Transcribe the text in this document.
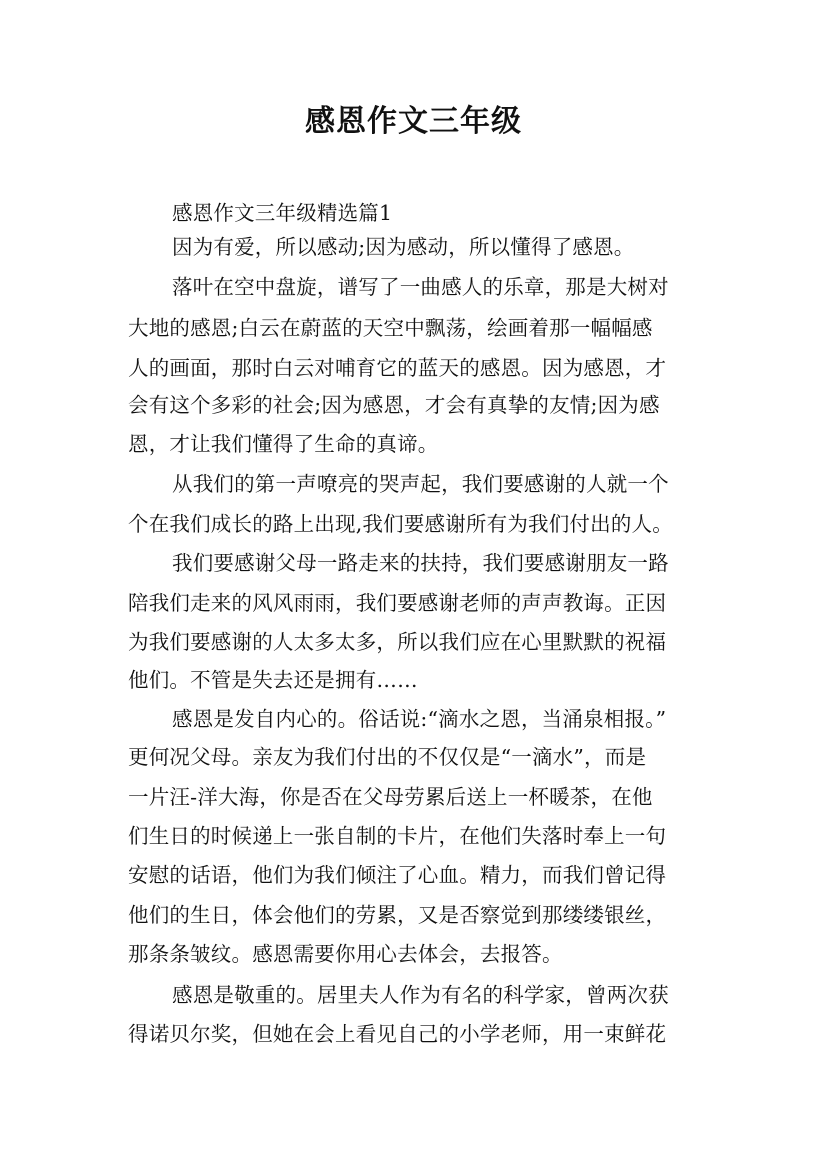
感恩作文三年级
感恩作文三年级精选篇1
因为有爱，所以感动;因为感动，所以懂得了感恩。
落叶在空中盘旋，谱写了一曲感人的乐章，那是大树对
大地的感恩;白云在蔚蓝的天空中飘荡，绘画着那一幅幅感
人的画面，那时白云对哺育它的蓝天的感恩。因为感恩，才
会有这个多彩的社会;因为感恩，才会有真挚的友情;因为感
恩，才让我们懂得了生命的真谛。
从我们的第一声嘹亮的哭声起，我们要感谢的人就一个
个在我们成长的路上出现,我们要感谢所有为我们付出的人。
我们要感谢父母一路走来的扶持，我们要感谢朋友一路
陪我们走来的风风雨雨，我们要感谢老师的声声教诲。正因
为我们要感谢的人太多太多，所以我们应在心里默默的祝福
他们。不管是失去还是拥有……
感恩是发自内心的。俗话说:“滴水之恩，当涌泉相报。”
更何况父母。亲友为我们付出的不仅仅是“一滴水”，而是
一片汪-洋大海，你是否在父母劳累后送上一杯暖茶，在他
们生日的时候递上一张自制的卡片，在他们失落时奉上一句
安慰的话语，他们为我们倾注了心血。精力，而我们曾记得
他们的生日，体会他们的劳累，又是否察觉到那缕缕银丝，
那条条皱纹。感恩需要你用心去体会，去报答。
感恩是敬重的。居里夫人作为有名的科学家，曾两次获
得诺贝尔奖，但她在会上看见自己的小学老师，用一束鲜花
